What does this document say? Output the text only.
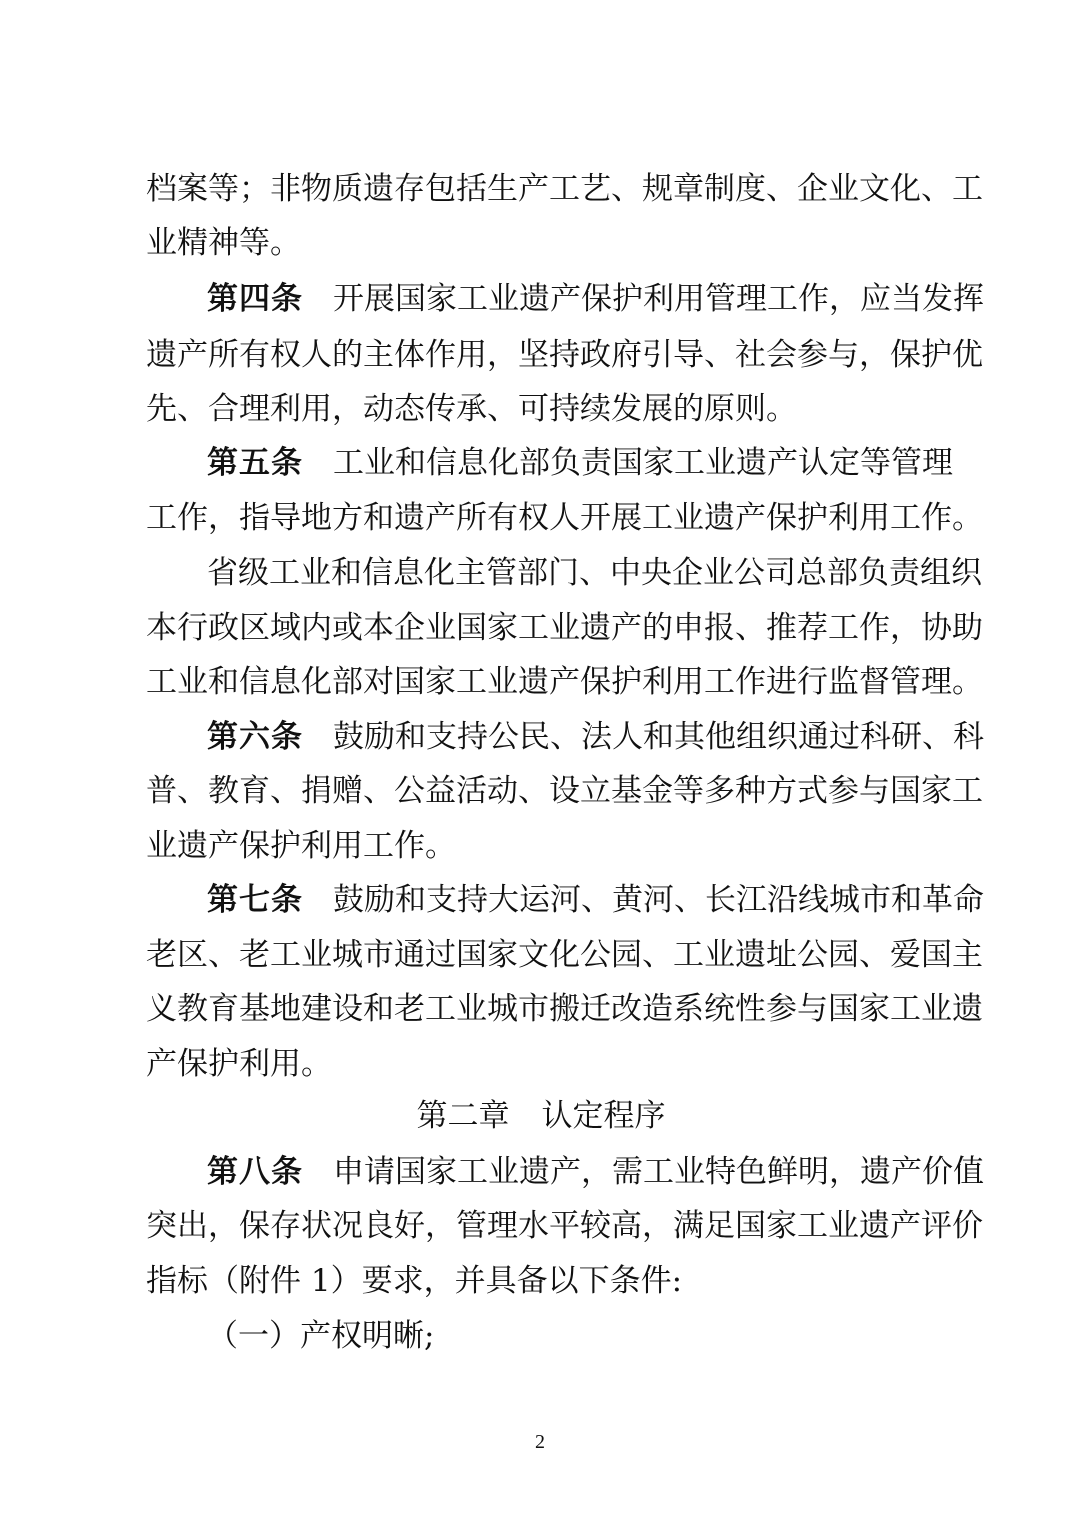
档案等；非物质遗存包括生产工艺、规章制度、企业文化、工
业精神等。
第四条 开展国家工业遗产保护利用管理工作，应当发挥
遗产所有权人的主体作用，坚持政府引导、社会参与，保护优
先、合理利用，动态传承、可持续发展的原则。
第五条 工业和信息化部负责国家工业遗产认定等管理
工作，指导地方和遗产所有权人开展工业遗产保护利用工作。
省级工业和信息化主管部门、中央企业公司总部负责组织
本行政区域内或本企业国家工业遗产的申报、推荐工作，协助
工业和信息化部对国家工业遗产保护利用工作进行监督管理。
第六条 鼓励和支持公民、法人和其他组织通过科研、科
普、教育、捐赠、公益活动、设立基金等多种方式参与国家工
业遗产保护利用工作。
第七条 鼓励和支持大运河、黄河、长江沿线城市和革命
老区、老工业城市通过国家文化公园、工业遗址公园、爱国主
义教育基地建设和老工业城市搬迁改造系统性参与国家工业遗
产保护利用。
第二章 认定程序
第八条 申请国家工业遗产，需工业特色鲜明，遗产价值
突出，保存状况良好，管理水平较高，满足国家工业遗产评价
指标（附件 1）要求，并具备以下条件:
（一）产权明晰;
2
